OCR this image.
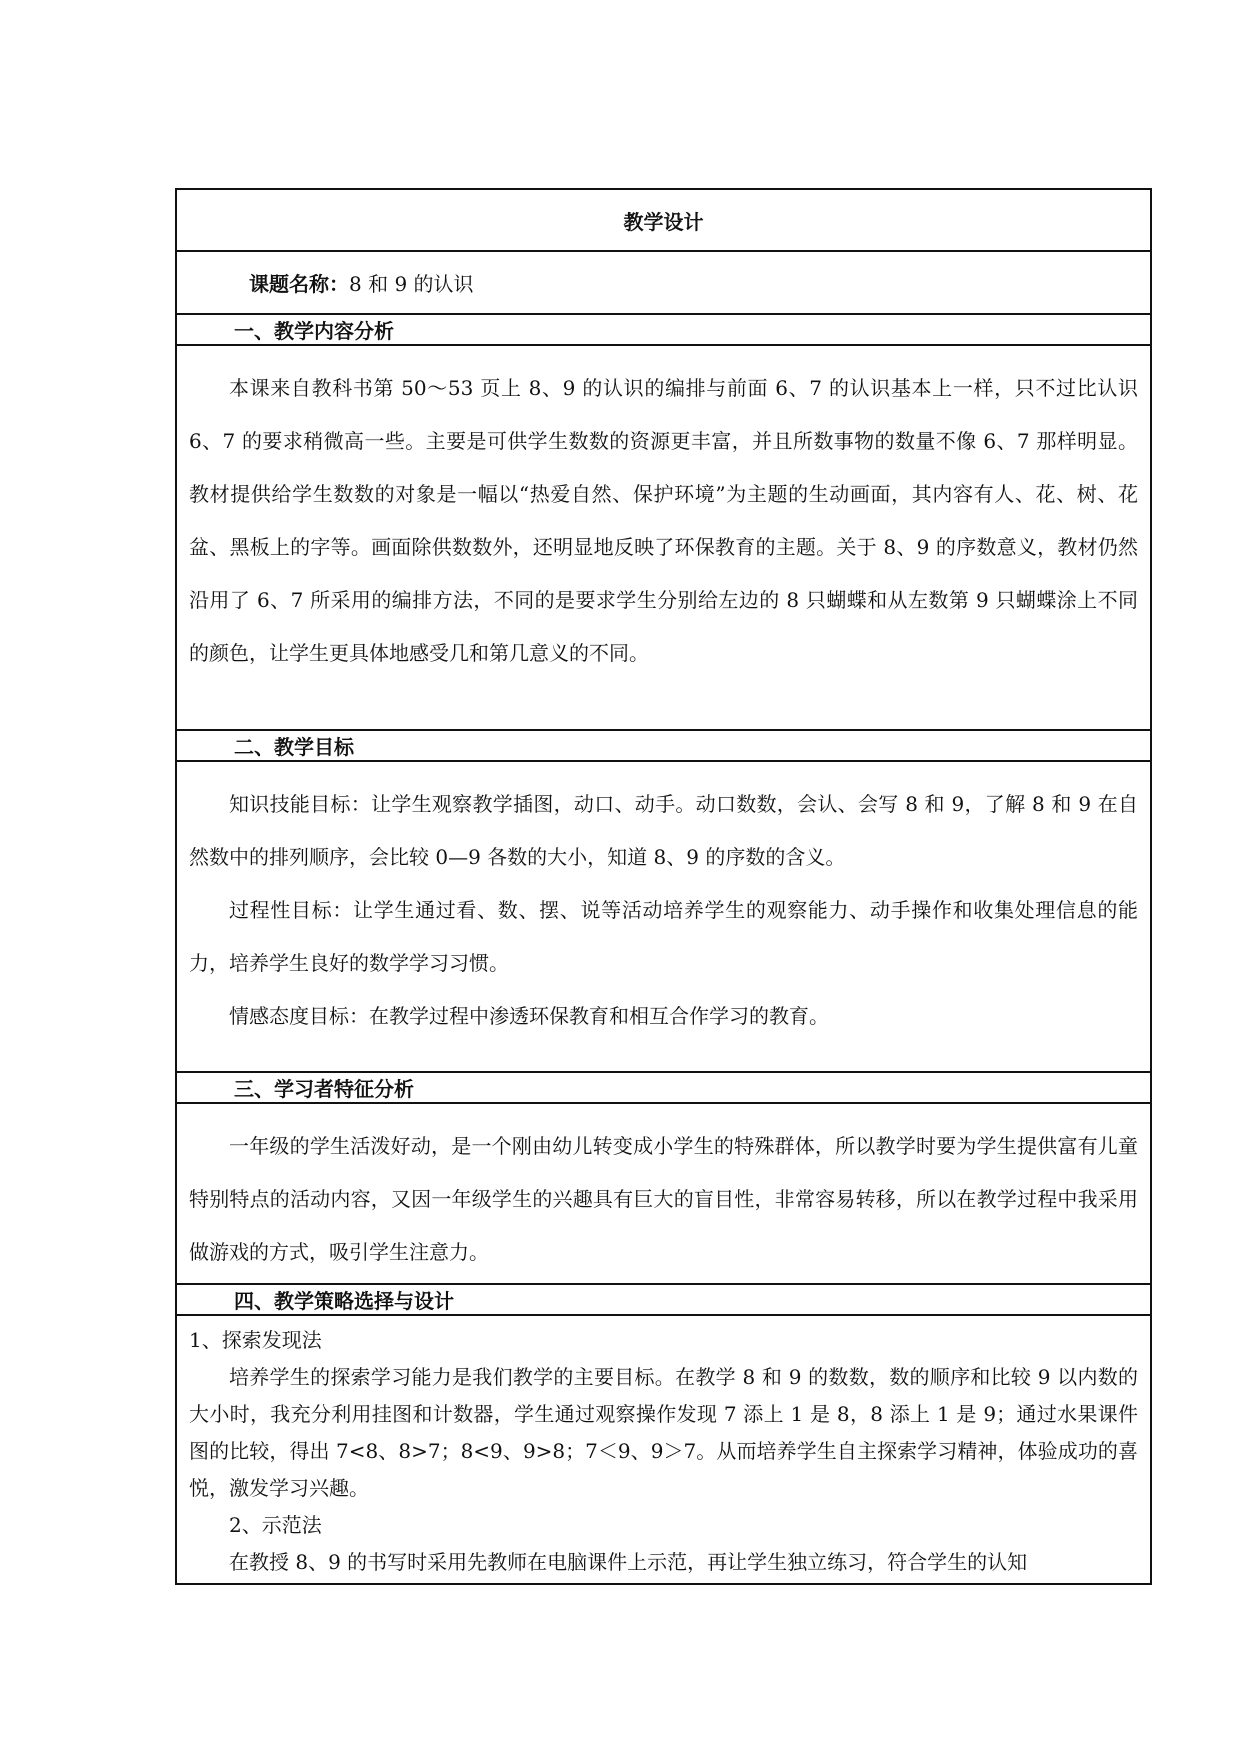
教学设计
课题名称： 8 和 9 的认识
一、教学内容分析

本课来自教科书第 50～53 页上 8、9 的认识的编排与前面 6、7 的认识基本上一样，只不过比认识 6、7 的要求稍微高一些。主要是可供学生数数的资源更丰富，并且所数事物的数量不像 6、7 那样明显。教材提供给学生数数的对象是一幅以“热爱自然、保护环境”为主题的生动画面，其内容有人、花、树、花盆、黑板上的字等。画面除供数数外，还明显地反映了环保教育的主题。关于 8、9 的序数意义，教材仍然沿用了 6、7 所采用的编排方法，不同的是要求学生分别给左边的 8 只蝴蝶和从左数第 9 只蝴蝶涂上不同的颜色，让学生更具体地感受几和第几意义的不同。

二、教学目标

知识技能目标：让学生观察教学插图，动口、动手。动口数数，会认、会写 8 和 9，了解 8 和 9 在自然数中的排列顺序，会比较 0—9 各数的大小，知道 8、9 的序数的含义。

过程性目标：让学生通过看、数、摆、说等活动培养学生的观察能力、动手操作和收集处理信息的能力，培养学生良好的数学学习习惯。

情感态度目标：在教学过程中渗透环保教育和相互合作学习的教育。

三、学习者特征分析

一年级的学生活泼好动，是一个刚由幼儿转变成小学生的特殊群体，所以教学时要为学生提供富有儿童特别特点的活动内容，又因一年级学生的兴趣具有巨大的盲目性，非常容易转移，所以在教学过程中我采用做游戏的方式，吸引学生注意力。

四、教学策略选择与设计

1、探索发现法

培养学生的探索学习能力是我们教学的主要目标。在教学 8 和 9 的数数，数的顺序和比较 9 以内数的大小时，我充分利用挂图和计数器，学生通过观察操作发现 7 添上 1 是 8，8 添上 1 是 9；通过水果课件图的比较，得出 7<8、8>7；8<9、9>8；7＜9、9＞7。从而培养学生自主探索学习精神，体验成功的喜悦，激发学习兴趣。

2、示范法

在教授 8、9 的书写时采用先教师在电脑课件上示范，再让学生独立练习，符合学生的认知
